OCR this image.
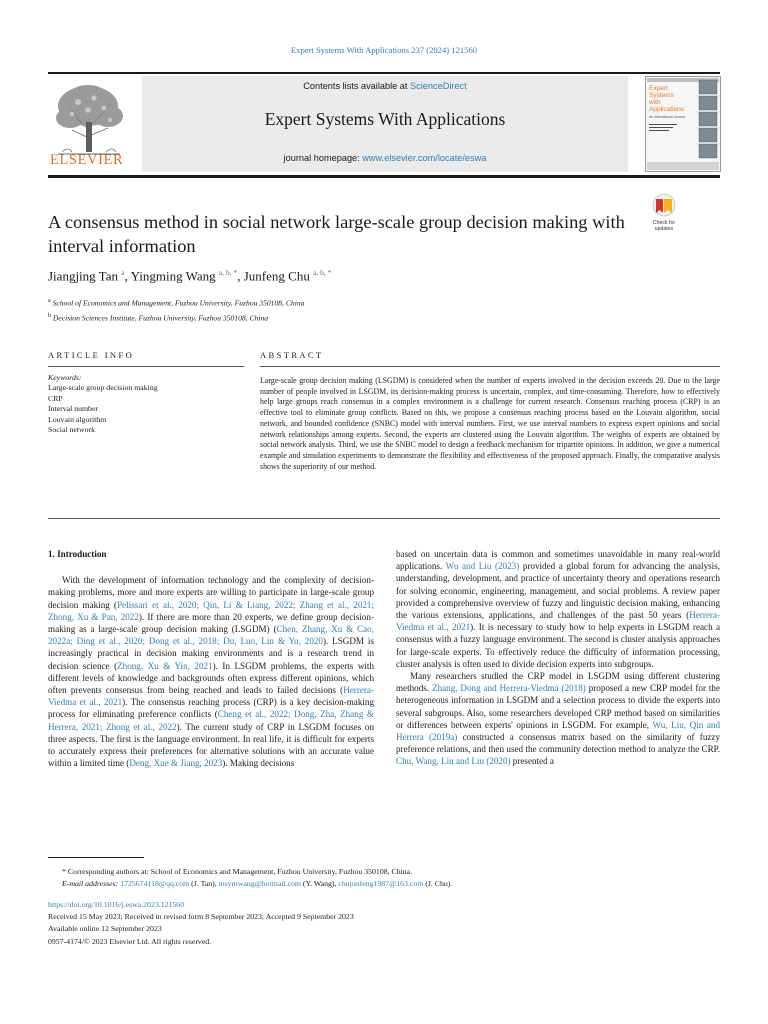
Expert Systems With Applications 237 (2024) 121560
ELSEVIER
Contents lists available at ScienceDirect
Expert Systems With Applications
journal homepage: www.elsevier.com/locate/eswa
Expert
Systems
with
Applications
An International Journal
A consensus method in social network large-scale group decision making with interval information
Check for
updates
Jiangjing Tan $^a$, Yingming Wang $^{a, b, *}$, Junfeng Chu $^{a, b, *}$
$^a$ School of Economics and Management, Fuzhou University, Fuzhou 350108, China
$^b$ Decision Sciences Institute, Fuzhou University, Fuzhou 350108, China
ARTICLE INFO	ABSTRACT
Keywords:
Large-scale group decision making
CRP
Interval number
Louvain algorithm
Social network
Large-scale group decision making (LSGDM) is considered when the number of experts involved in the decision exceeds 20. Due to the large number of people involved in LSGDM, its decision-making process is uncertain, complex, and time-consuming. Therefore, how to effectively help large groups reach consensus in a complex environment is a challenge for current research. Consensus reaching process (CRP) is an effective tool to eliminate group conflicts. Based on this, we propose a consensus reaching process based on the Louvain algorithm, social network, and bounded confidence (SNBC) model with interval numbers. First, we use interval numbers to express expert opinions and social network relationships among experts. Second, the experts are clustered using the Louvain algorithm. The weights of experts are obtained by social network analysis. Third, we use the SNBC model to design a feedback mechanism for tripartite opinions. In addition, we give a numerical example and simulation experiments to demonstrate the flexibility and effectiveness of the proposed approach. Finally, the comparative analysis shows the superiority of our method.

1. Introduction

With the development of information technology and the complexity of decision-making problems, more and more experts are willing to participate in large-scale group decision making (Pelissari et al., 2020; Qin, Li & Liang, 2022; Zhang et al., 2021; Zhong, Xu & Pan, 2022). If there are more than 20 experts, we define group decision-making as a large-scale group decision making (LSGDM) (Chen, Zhang, Xu & Cao, 2022a; Ding et al., 2020; Dong et al., 2018; Du, Luo, Lin & Yu, 2020). LSGDM is increasingly practical in decision making environments and is a research trend in decision science (Zhong, Xu & Yin, 2021). In LSGDM problems, the experts with different levels of knowledge and backgrounds often express different opinions, which often prevents consensus from being reached and leads to failed decisions (Herrera-Viedma et al., 2021). The consensus reaching process (CRP) is a key decision-making process for eliminating preference conflicts (Cheng et al., 2022; Dong, Zha, Zhang & Herrera, 2021; Zhong et al., 2022). The current study of CRP in LSGDM focuses on three aspects. The first is the language environment. In real life, it is difficult for experts to accurately express their preferences for alternative solutions with an accurate value within a limited time (Deng, Xue & Jiang, 2023). Making decisions

based on uncertain data is common and sometimes unavoidable in many real-world applications. Wu and Liu (2023) provided a global forum for advancing the analysis, understanding, development, and practice of uncertainty theory and operations research for solving economic, engineering, management, and social problems. A review paper provided a comprehensive overview of fuzzy and linguistic decision making, enhancing the various extensions, applications, and challenges of the past 50 years (Herrera-Viedma et al., 2021). It is necessary to study how to help experts in LSGDM reach a consensus with a fuzzy language environment. The second is cluster analysis approaches for large-scale experts. To effectively reduce the difficulty of information processing, cluster analysis is often used to divide decision experts into subgroups.

Many researchers studied the CRP model in LSGDM using different clustering methods. Zhang, Dong and Herrera-Viedma (2018) proposed a new CRP model for the heterogeneous information in LSGDM and a selection process to divide the experts into several subgroups. Also, some researchers developed CRP method based on similarities or differences between experts' opinions in LSGDM. For example, Wu, Liu, Qin and Herrera (2019a) constructed a consensus matrix based on the similarity of fuzzy preference relations, and then used the community detection method to analyze the CRP. Chu, Wang, Liu and Liu (2020) presented a

* Corresponding authors at: School of Economics and Management, Fuzhou University, Fuzhou 350108, China.
E-mail addresses: 1725674118@qq.com (J. Tan), msymwang@hotmail.com (Y. Wang), chujunfeng1987@163.com (J. Chu).
https://doi.org/10.1016/j.eswa.2023.121560
Received 15 May 2023; Received in revised form 8 September 2023; Accepted 9 September 2023
Available online 12 September 2023
0957-4174/© 2023 Elsevier Ltd. All rights reserved.
